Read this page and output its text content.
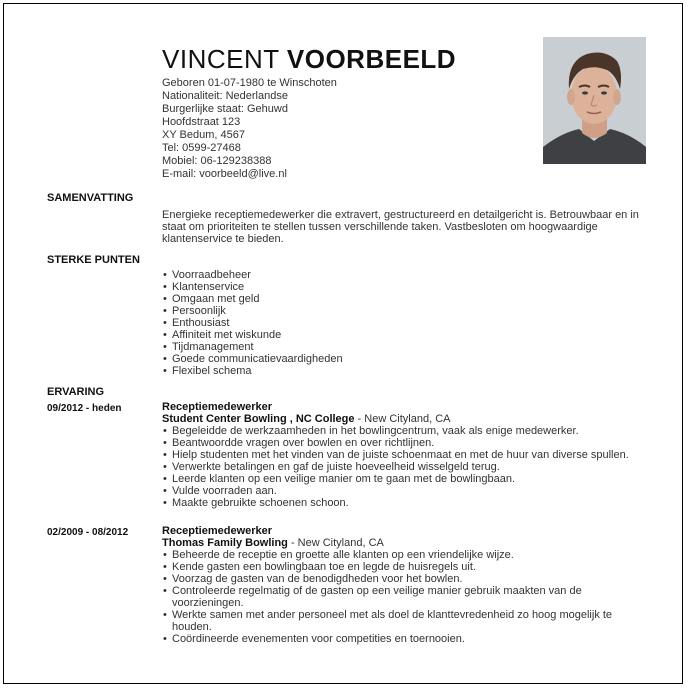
VINCENT VOORBEELD
Geboren 01-07-1980 te Winschoten
Nationaliteit: Nederlandse
Burgerlijke staat: Gehuwd
Hoofdstraat 123
XY Bedum, 4567
Tel: 0599-27468
Mobiel: 06-129238388
E-mail: voorbeeld@live.nl
SAMENVATTING

Energieke receptiemedewerker die extravert, gestructureerd en detailgericht is. Betrouwbaar en in staat om prioriteiten te stellen tussen verschillende taken. Vastbesloten om hoogwaardige klantenservice te bieden.

STERKE PUNTEN
• Voorraadbeheer
• Klantenservice
• Omgaan met geld
• Persoonlijk
• Enthousiast
• Affiniteit met wiskunde
• Tijdmanagement
• Goede communicatievaardigheden
• Flexibel schema
ERVARING
09/2012 - heden	Receptiemedewerker
Student Center Bowling , NC College - New Cityland, CA
• Begeleidde de werkzaamheden in het bowlingcentrum, vaak als enige medewerker.
• Beantwoordde vragen over bowlen en over richtlijnen.
• Hielp studenten met het vinden van de juiste schoenmaat en met de huur van diverse spullen.
• Verwerkte betalingen en gaf de juiste hoeveelheid wisselgeld terug.
• Leerde klanten op een veilige manier om te gaan met de bowlingbaan.
• Vulde voorraden aan.
• Maakte gebruikte schoenen schoon.
02/2009 - 08/2012	Receptiemedewerker
Thomas Family Bowling - New Cityland, CA
• Beheerde de receptie en groette alle klanten op een vriendelijke wijze.
• Kende gasten een bowlingbaan toe en legde de huisregels uit.
• Voorzag de gasten van de benodigdheden voor het bowlen.
• Controleerde regelmatig of de gasten op een veilige manier gebruik maakten van de voorzieningen.
• Werkte samen met ander personeel met als doel de klanttevredenheid zo hoog mogelijk te houden.
• Coördineerde evenementen voor competities en toernooien.
